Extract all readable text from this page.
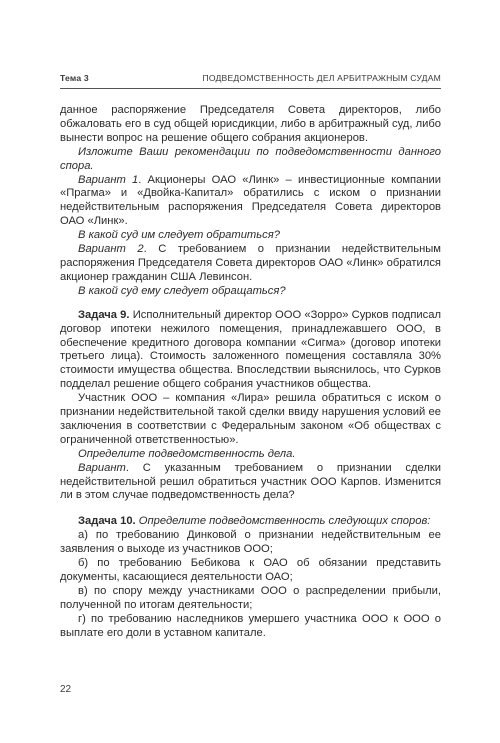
Тема 3	ПОДВЕДОМСТВЕННОСТЬ ДЕЛ АРБИТРАЖНЫМ СУДАМ

данное распоряжение Председателя Совета директоров, либо обжаловать его в суд общей юрисдикции, либо в арбитражный суд, либо вынести вопрос на решение общего собрания акционеров.

Изложите Ваши рекомендации по подведомственности данного спора.

Вариант 1. Акционеры ОАО «Линк» – инвестиционные компании «Прагма» и «Двойка-Капитал» обратились с иском о признании недействительным распоряжения Председателя Совета директоров ОАО «Линк».

В какой суд им следует обратиться?

Вариант 2. С требованием о признании недействительным распоряжения Председателя Совета директоров ОАО «Линк» обратился акционер гражданин США Левинсон.

В какой суд ему следует обращаться?

Задача 9. Исполнительный директор ООО «Зорро» Сурков подписал договор ипотеки нежилого помещения, принадлежавшего ООО, в обеспечение кредитного договора компании «Сигма» (договор ипотеки третьего лица). Стоимость заложенного помещения составляла 30% стоимости имущества общества. Впоследствии выяснилось, что Сурков подделал решение общего собрания участников общества.

Участник ООО – компания «Лира» решила обратиться с иском о признании недействительной такой сделки ввиду нарушения условий ее заключения в соответствии с Федеральным законом «Об обществах с ограниченной ответственностью».

Определите подведомственность дела.

Вариант. С указанным требованием о признании сделки недействительной решил обратиться участник ООО Карпов. Изменится ли в этом случае подведомственность дела?

Задача 10. Определите подведомственность следующих споров:

а) по требованию Динковой о признании недействительным ее заявления о выходе из участников ООО;

б) по требованию Бебикова к ОАО об обязании представить документы, касающиеся деятельности ОАО;

в) по спору между участниками ООО о распределении прибыли, полученной по итогам деятельности;

г) по требованию наследников умершего участника ООО к ООО о выплате его доли в уставном капитале.

22
